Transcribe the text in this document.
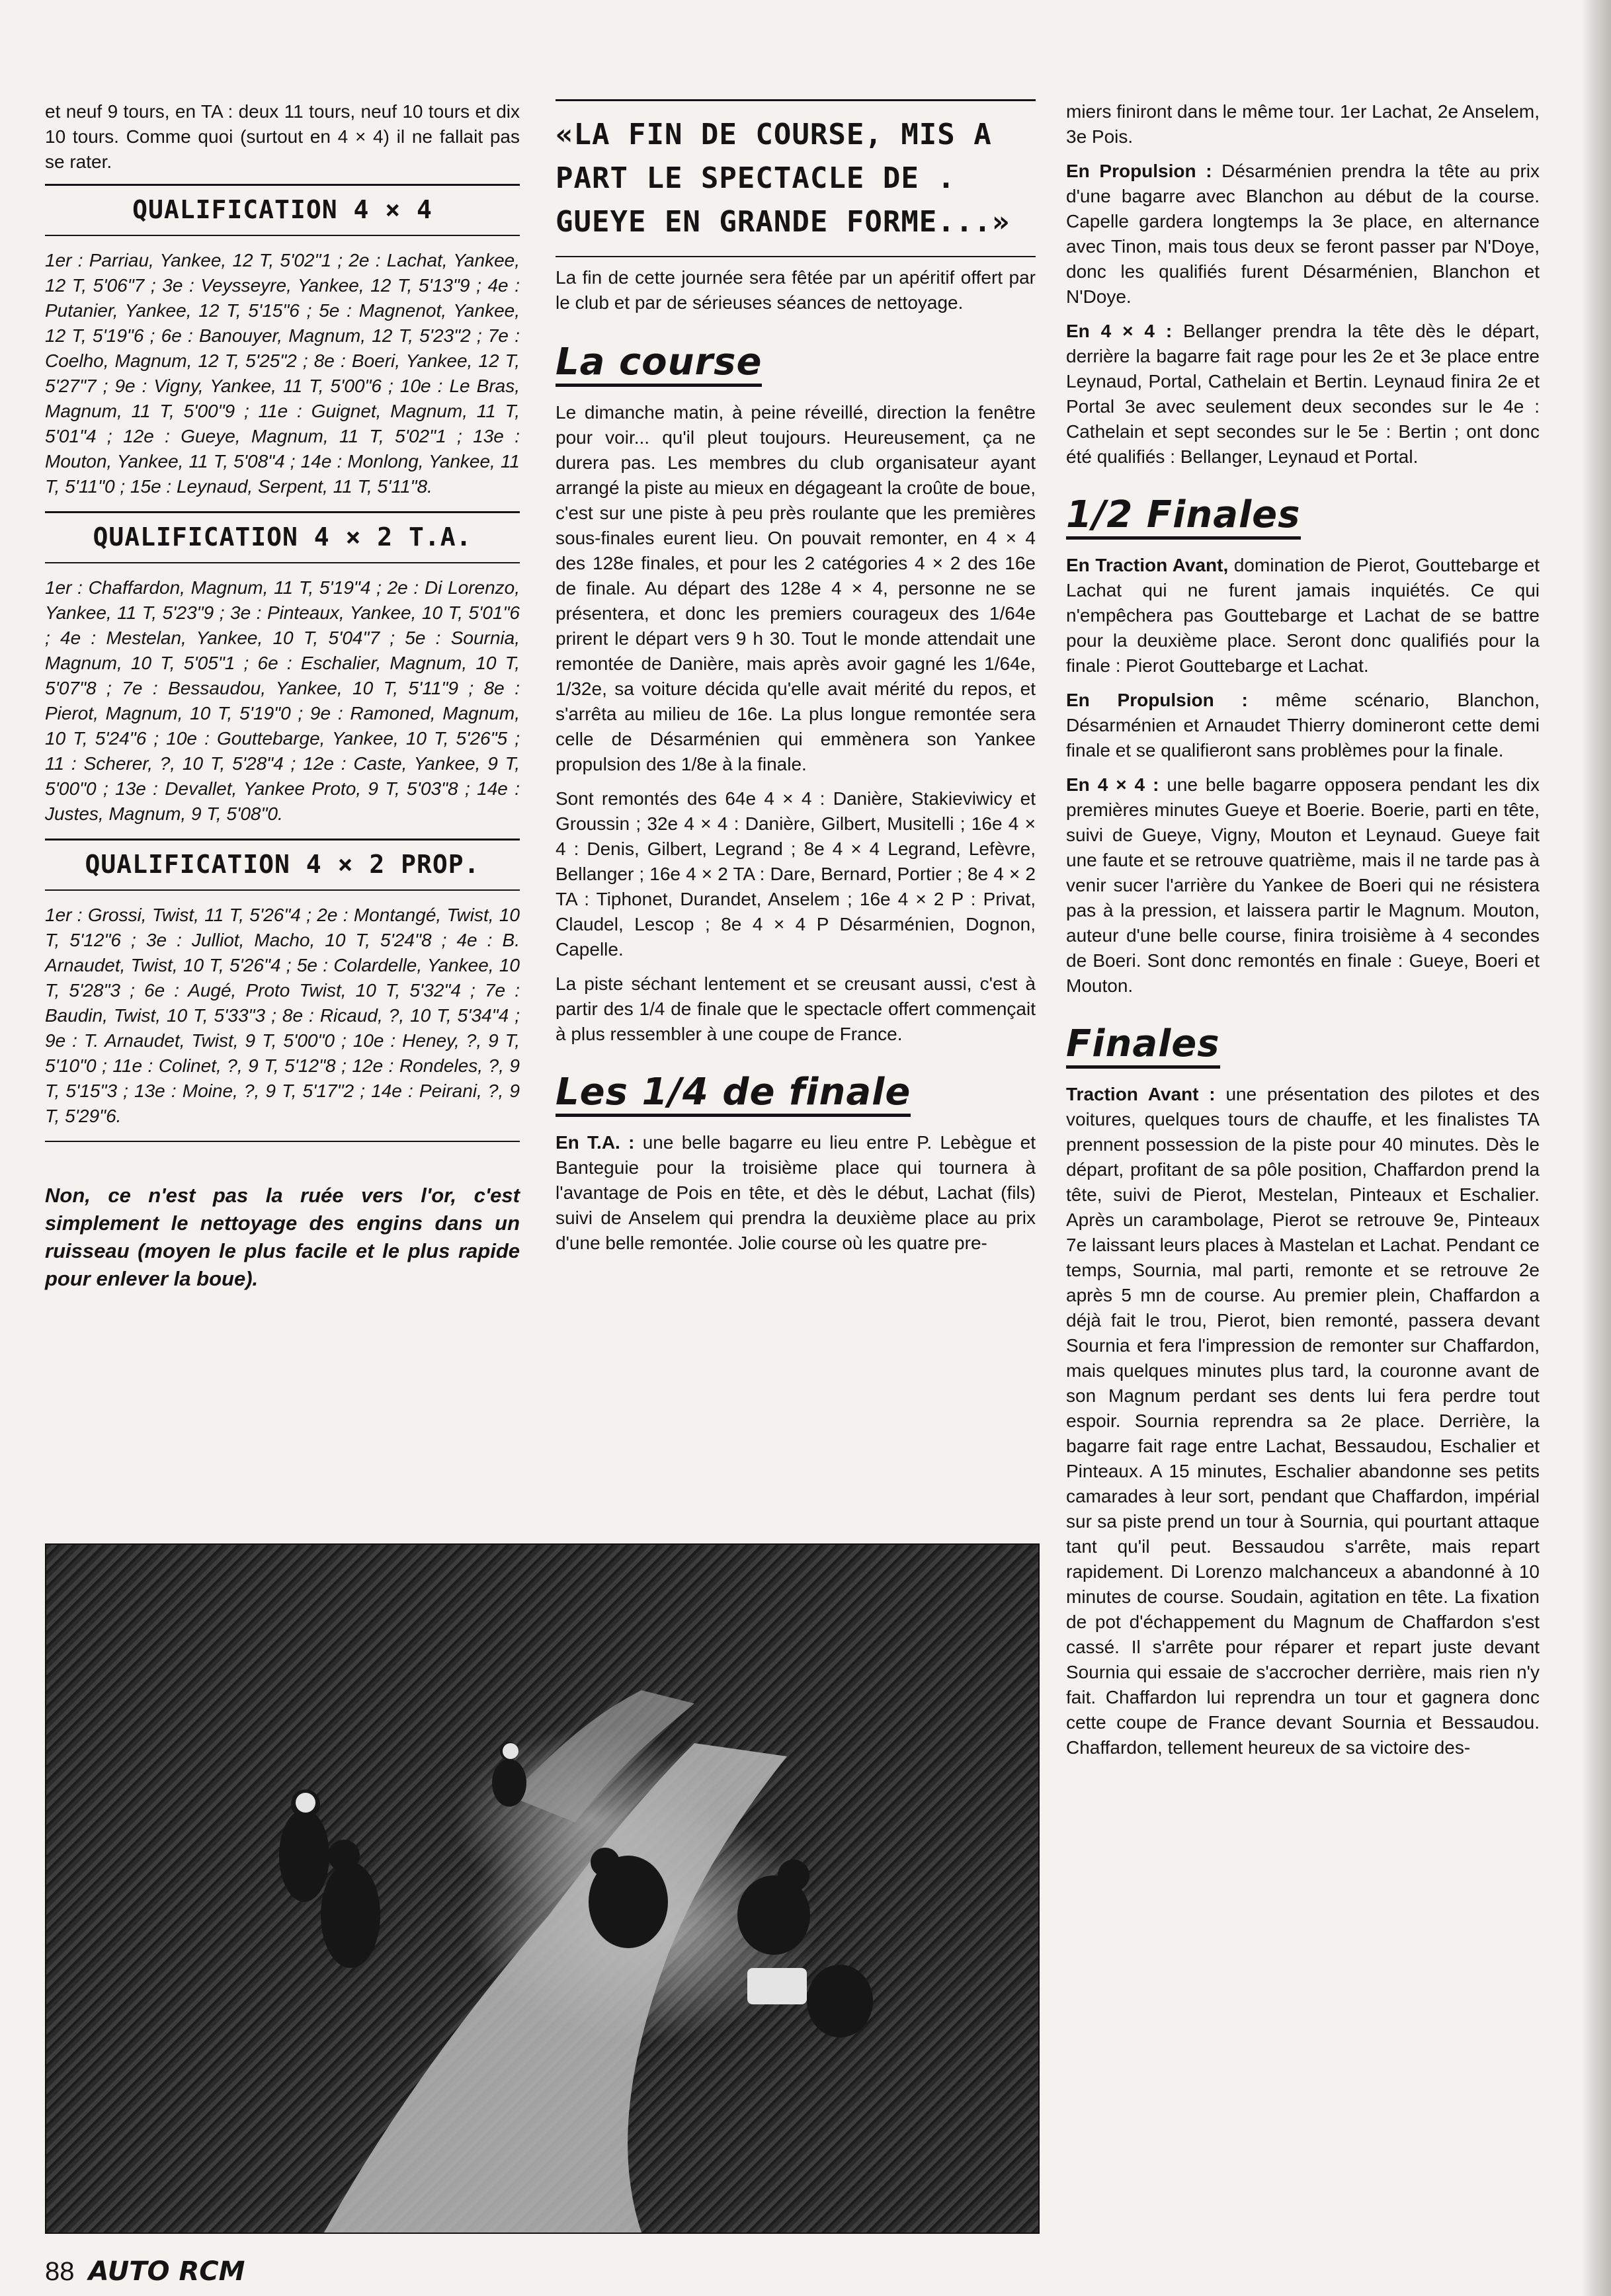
et neuf 9 tours, en TA : deux 11 tours, neuf 10 tours et dix 10 tours. Comme quoi (surtout en 4 × 4) il ne fallait pas se rater.

QUALIFICATION 4 × 4
1er : Parriau, Yankee, 12 T, 5'02"1 ; 2e : Lachat, Yankee, 12 T, 5'06"7 ; 3e : Veysseyre, Yankee, 12 T, 5'13"9 ; 4e : Putanier, Yankee, 12 T, 5'15"6 ; 5e : Magnenot, Yankee, 12 T, 5'19"6 ; 6e : Banouyer, Magnum, 12 T, 5'23"2 ; 7e : Coelho, Magnum, 12 T, 5'25"2 ; 8e : Boeri, Yankee, 12 T, 5'27"7 ; 9e : Vigny, Yankee, 11 T, 5'00"6 ; 10e : Le Bras, Magnum, 11 T, 5'00"9 ; 11e : Guignet, Magnum, 11 T, 5'01"4 ; 12e : Gueye, Magnum, 11 T, 5'02"1 ; 13e : Mouton, Yankee, 11 T, 5'08"4 ; 14e : Monlong, Yankee, 11 T, 5'11"0 ; 15e : Leynaud, Serpent, 11 T, 5'11"8.
QUALIFICATION 4 × 2 T.A.
1er : Chaffardon, Magnum, 11 T, 5'19"4 ; 2e : Di Lorenzo, Yankee, 11 T, 5'23"9 ; 3e : Pinteaux, Yankee, 10 T, 5'01"6 ; 4e : Mestelan, Yankee, 10 T, 5'04"7 ; 5e : Sournia, Magnum, 10 T, 5'05"1 ; 6e : Eschalier, Magnum, 10 T, 5'07"8 ; 7e : Bessaudou, Yankee, 10 T, 5'11"9 ; 8e : Pierot, Magnum, 10 T, 5'19"0 ; 9e : Ramoned, Magnum, 10 T, 5'24"6 ; 10e : Gouttebarge, Yankee, 10 T, 5'26"5 ; 11 : Scherer, ?, 10 T, 5'28"4 ; 12e : Caste, Yankee, 9 T, 5'00"0 ; 13e : Devallet, Yankee Proto, 9 T, 5'03"8 ; 14e : Justes, Magnum, 9 T, 5'08"0.
QUALIFICATION 4 × 2 PROP.
1er : Grossi, Twist, 11 T, 5'26"4 ; 2e : Montangé, Twist, 10 T, 5'12"6 ; 3e : Julliot, Macho, 10 T, 5'24"8 ; 4e : B. Arnaudet, Twist, 10 T, 5'26"4 ; 5e : Colardelle, Yankee, 10 T, 5'28"3 ; 6e : Augé, Proto Twist, 10 T, 5'32"4 ; 7e : Baudin, Twist, 10 T, 5'33"3 ; 8e : Ricaud, ?, 10 T, 5'34"4 ; 9e : T. Arnaudet, Twist, 9 T, 5'00"0 ; 10e : Heney, ?, 9 T, 5'10"0 ; 11e : Colinet, ?, 9 T, 5'12"8 ; 12e : Rondeles, ?, 9 T, 5'15"3 ; 13e : Moine, ?, 9 T, 5'17"2 ; 14e : Peirani, ?, 9 T, 5'29"6.
Non, ce n'est pas la ruée vers l'or, c'est simplement le nettoyage des engins dans un ruisseau (moyen le plus facile et le plus rapide pour enlever la boue).
«LA FIN DE COURSE, MIS A PART LE SPECTACLE DE . GUEYE EN GRANDE FORME...»

La fin de cette journée sera fêtée par un apéritif offert par le club et par de sérieuses séances de nettoyage.

La course

Le dimanche matin, à peine réveillé, direction la fenêtre pour voir... qu'il pleut toujours. Heureusement, ça ne durera pas. Les membres du club organisateur ayant arrangé la piste au mieux en dégageant la croûte de boue, c'est sur une piste à peu près roulante que les premières sous-finales eurent lieu. On pouvait remonter, en 4 × 4 des 128e finales, et pour les 2 catégories 4 × 2 des 16e de finale. Au départ des 128e 4 × 4, personne ne se présentera, et donc les premiers courageux des 1/64e prirent le départ vers 9 h 30. Tout le monde attendait une remontée de Danière, mais après avoir gagné les 1/64e, 1/32e, sa voiture décida qu'elle avait mérité du repos, et s'arrêta au milieu de 16e. La plus longue remontée sera celle de Désarménien qui emmènera son Yankee propulsion des 1/8e à la finale.

Sont remontés des 64e 4 × 4 : Danière, Stakieviwicy et Groussin ; 32e 4 × 4 : Danière, Gilbert, Musitelli ; 16e 4 × 4 : Denis, Gilbert, Legrand ; 8e 4 × 4 Legrand, Lefèvre, Bellanger ; 16e 4 × 2 TA : Dare, Bernard, Portier ; 8e 4 × 2 TA : Tiphonet, Durandet, Anselem ; 16e 4 × 2 P : Privat, Claudel, Lescop ; 8e 4 × 4 P Désarménien, Dognon, Capelle.

La piste séchant lentement et se creusant aussi, c'est à partir des 1/4 de finale que le spectacle offert commençait à plus ressembler à une coupe de France.

Les 1/4 de finale

En T.A. : une belle bagarre eu lieu entre P. Lebègue et Banteguie pour la troisième place qui tournera à l'avantage de Pois en tête, et dès le début, Lachat (fils) suivi de Anselem qui prendra la deuxième place au prix d'une belle remontée. Jolie course où les quatre pre-

miers finiront dans le même tour. 1er Lachat, 2e Anselem, 3e Pois.

En Propulsion : Désarménien prendra la tête au prix d'une bagarre avec Blanchon au début de la course. Capelle gardera longtemps la 3e place, en alternance avec Tinon, mais tous deux se feront passer par N'Doye, donc les qualifiés furent Désarménien, Blanchon et N'Doye.

En 4 × 4 : Bellanger prendra la tête dès le départ, derrière la bagarre fait rage pour les 2e et 3e place entre Leynaud, Portal, Cathelain et Bertin. Leynaud finira 2e et Portal 3e avec seulement deux secondes sur le 4e : Cathelain et sept secondes sur le 5e : Bertin ; ont donc été qualifiés : Bellanger, Leynaud et Portal.

1/2 Finales

En Traction Avant, domination de Pierot, Gouttebarge et Lachat qui ne furent jamais inquiétés. Ce qui n'empêchera pas Gouttebarge et Lachat de se battre pour la deuxième place. Seront donc qualifiés pour la finale : Pierot Gouttebarge et Lachat.

En Propulsion : même scénario, Blanchon, Désarménien et Arnaudet Thierry domineront cette demi finale et se qualifieront sans problèmes pour la finale.

En 4 × 4 : une belle bagarre opposera pendant les dix premières minutes Gueye et Boerie. Boerie, parti en tête, suivi de Gueye, Vigny, Mouton et Leynaud. Gueye fait une faute et se retrouve quatrième, mais il ne tarde pas à venir sucer l'arrière du Yankee de Boeri qui ne résistera pas à la pression, et laissera partir le Magnum. Mouton, auteur d'une belle course, finira troisième à 4 secondes de Boeri. Sont donc remontés en finale : Gueye, Boeri et Mouton.

Finales

Traction Avant : une présentation des pilotes et des voitures, quelques tours de chauffe, et les finalistes TA prennent possession de la piste pour 40 minutes. Dès le départ, profitant de sa pôle position, Chaffardon prend la tête, suivi de Pierot, Mestelan, Pinteaux et Eschalier. Après un carambolage, Pierot se retrouve 9e, Pinteaux 7e laissant leurs places à Mastelan et Lachat. Pendant ce temps, Sournia, mal parti, remonte et se retrouve 2e après 5 mn de course. Au premier plein, Chaffardon a déjà fait le trou, Pierot, bien remonté, passera devant Sournia et fera l'impression de remonter sur Chaffardon, mais quelques minutes plus tard, la couronne avant de son Magnum perdant ses dents lui fera perdre tout espoir. Sournia reprendra sa 2e place. Derrière, la bagarre fait rage entre Lachat, Bessaudou, Eschalier et Pinteaux. A 15 minutes, Eschalier abandonne ses petits camarades à leur sort, pendant que Chaffardon, impérial sur sa piste prend un tour à Sournia, qui pourtant attaque tant qu'il peut. Bessaudou s'arrête, mais repart rapidement. Di Lorenzo malchanceux a abandonné à 10 minutes de course. Soudain, agitation en tête. La fixation de pot d'échappement du Magnum de Chaffardon s'est cassé. Il s'arrête pour réparer et repart juste devant Sournia qui essaie de s'accrocher derrière, mais rien n'y fait. Chaffardon lui reprendra un tour et gagnera donc cette coupe de France devant Sournia et Bessaudou. Chaffardon, tellement heureux de sa victoire des-

88 AUTO RCM
